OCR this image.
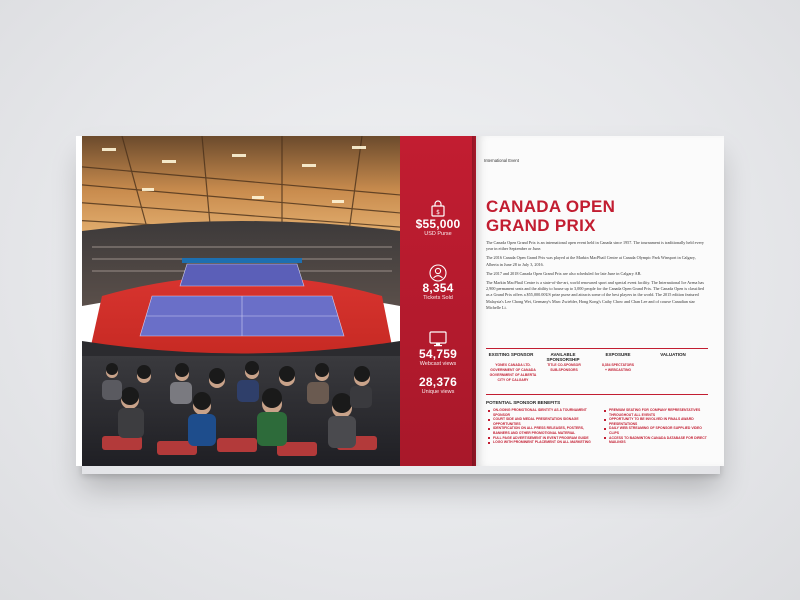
$
$55,000
USD Purse
8,354
Tickets Sold
54,759
Webcast views
28,376
Unique views
International Event
CANADA OPEN
GRAND PRIX

The Canada Open Grand Prix is an international open event held in Canada since 1957. The tournament is traditionally held every year in either September or June.

The 2016 Canada Open Grand Prix was played at the Markin MacPhail Centre at Canada Olympic Park Winsport in Calgary, Alberta in June 28 to July 3, 2016.

The 2017 and 2018 Canada Open Grand Prix are also scheduled for late June in Calgary AB.

The Markin MacPhail Centre is a state-of-the-art, world renowned sport and special event facility. The International Ice Arena has 2,900 permanent seats and the ability to house up to 3,000 people for the Canada Open Grand Prix. The Canada Open is classified as a Grand Prix offers a $55,000.00US prize purse and attracts some of the best players in the world. The 2015 edition featured Malaysia's Lee Chong Wei, Germany's Marc Zwiebler, Hong Kong's Cathy Chow and Chan Lee and of course Canadian star Michelle Li.

EXISTING SPONSOR	AVAILABLE SPONSORSHIP
EXPOSURE	VALUATION
YONEX CANADA LTD.
GOVERNMENT OF CANADA
GOVERNMENT OF ALBERTA
CITY OF CALGARY
TITLE CO-SPONSOR
SUB-SPONSORS
8,354 SPECTATORS
+ WEBCASTING
POTENTIAL SPONSOR BENEFITS
ON-GOING PROMOTIONAL IDENTITY AS A TOURNAMENT SPONSOR
COURT SIDE AND MEDAL PRESENTATION SIGNAGE OPPORTUNITIES
IDENTIFICATION ON ALL PRESS RELEASES, POSTERS, BANNERS AND OTHER PROMOTIONAL MATERIAL
FULL PAGE ADVERTISEMENT IN EVENT PROGRAM GUIDE
LOGO WITH PROMINENT PLACEMENT ON ALL MARKETING
PREMIUM SEATING FOR COMPANY REPRESENTATIVES THROUGHOUT ALL EVENTS
OPPORTUNITY TO BE INVOLVED IN FINALS AWARD PRESENTATIONS
DAILY WEB STREAMING OF SPONSOR SUPPLIED VIDEO CLIPS
ACCESS TO BADMINTON CANADA DATABASE FOR DIRECT MAILINGS
